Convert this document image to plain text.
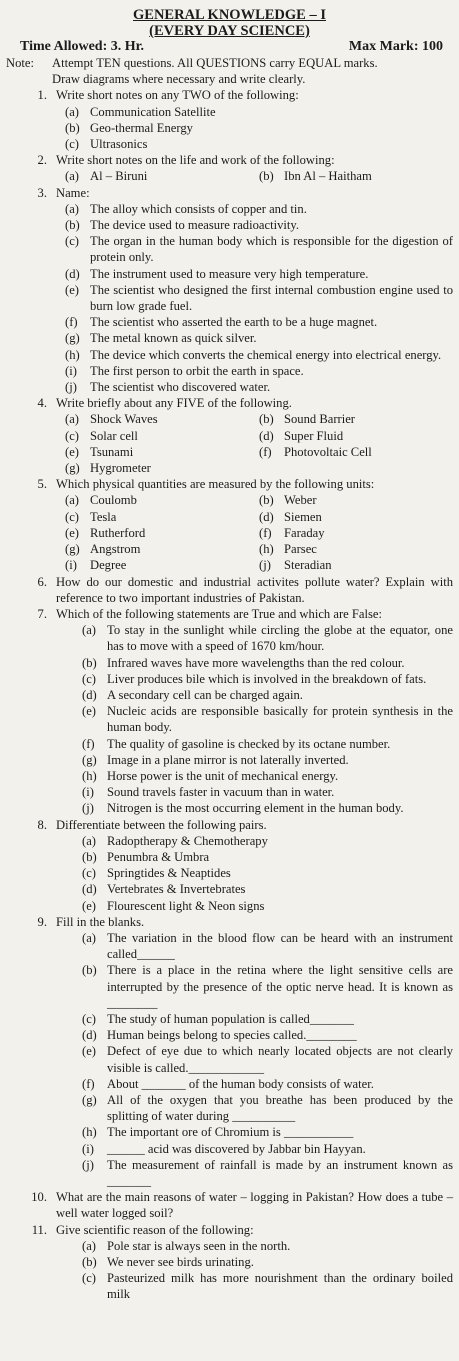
GENERAL KNOWLEDGE – I
(EVERY DAY SCIENCE)
Time Allowed: 3. Hr.	Max Mark: 100
Note: Attempt TEN questions. All QUESTIONS carry EQUAL marks.
Draw diagrams where necessary and write clearly.
1. Write short notes on any TWO of the following:
(a) Communication Satellite
(b) Geo-thermal Energy
(c) Ultrasonics
2. Write short notes on the life and work of the following:
(a) Al – Biruni	(b) Ibn Al – Haitham
3. Name:
(a) The alloy which consists of copper and tin.
(b) The device used to measure radioactivity.
(c) The organ in the human body which is responsible for the digestion of protein only.
(d) The instrument used to measure very high temperature.
(e) The scientist who designed the first internal combustion engine used to burn low grade fuel.
(f) The scientist who asserted the earth to be a huge magnet.
(g) The metal known as quick silver.
(h) The device which converts the chemical energy into electrical energy.
(i)	The first person to orbit the earth in space.
(j)	The scientist who discovered water.
4. Write briefly about any FIVE of the following.
(a) Shock Waves	(b) Sound Barrier
(c) Solar cell	(d) Super Fluid
(e) Tsunami	(f) Photovoltaic Cell
(g) Hygrometer
5. Which physical quantities are measured by the following units:
(a) Coulomb	(b) Weber
(c) Tesla	(d) Siemen
(e) Rutherford	(f) Faraday
(g) Angstrom	(h) Parsec
(i)	Degree	(j)	Steradian
6. How do our domestic and industrial activites pollute water? Explain with reference to two important industries of Pakistan.
7. Which of the following statements are True and which are False:
(a) To stay in the sunlight while circling the globe at the equator, one has to move with a speed of 1670 km/hour.
(b) Infrared waves have more wavelengths than the red colour.
(c) Liver produces bile which is involved in the breakdown of fats.
(d) A secondary cell can be charged again.
(e) Nucleic acids are responsible basically for protein synthesis in the human body.
(f) The quality of gasoline is checked by its octane number.
(g) Image in a plane mirror is not laterally inverted.
(h) Horse power is the unit of mechanical energy.
(i)	Sound travels faster in vacuum than in water.
(j)	Nitrogen is the most occurring element in the human body.
8. Differentiate between the following pairs.
(a) Radoptherapy & Chemotherapy
(b) Penumbra & Umbra
(c) Springtides & Neaptides
(d) Vertebrates & Invertebrates
(e) Flourescent light & Neon signs
9. Fill in the blanks.
(a) The variation in the blood flow can be heard with an instrument called______
(b) There is a place in the retina where the light sensitive cells are interrupted by the presence of the optic nerve head. It is known as ________
(c) The study of human population is called_______
(d) Human beings belong to species called.________
(e) Defect of eye due to which nearly located objects are not clearly visible is called.____________
(f) About _______ of the human body consists of water.
(g) All of the oxygen that you breathe has been produced by the splitting of water during __________
(h) The important ore of Chromium is ___________
(i)	______ acid was discovered by Jabbar bin Hayyan.
(j)	The measurement of rainfall is made by an instrument known as _______
10. What are the main reasons of water – logging in Pakistan? How does a tube – well water logged soil?
11. Give scientific reason of the following:
(a) Pole star is always seen in the north.
(b) We never see birds urinating.
(c) Pasteurized milk has more nourishment than the ordinary boiled milk
